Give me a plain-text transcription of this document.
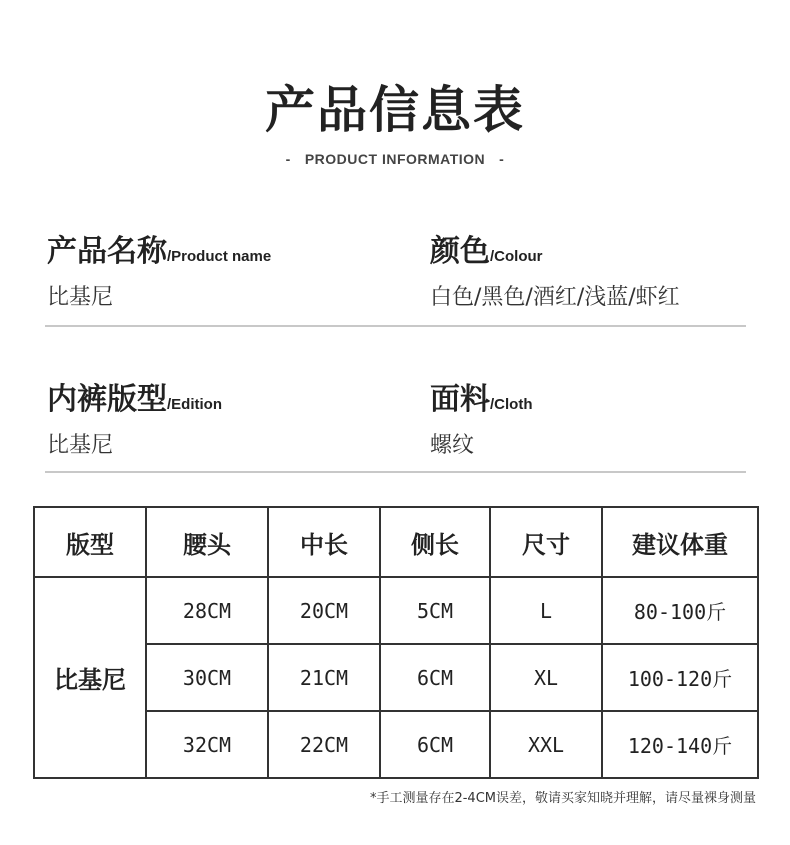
产品信息表
- PRODUCT INFORMATION -
产品名称/Product name
比基尼
颜色/Colour
白色/黑色/酒红/浅蓝/虾红
内裤版型/Edition
比基尼
面料/Cloth
螺纹
版型	腰头	中长	侧长	尺寸	建议体重
比基尼	28CM	20CM	5CM	L	80-100斤
	30CM	21CM	6CM	XL	100-120斤
	32CM	22CM	6CM	XXL	120-140斤
*手工测量存在2-4CM误差，敬请买家知晓并理解，请尽量裸身测量
